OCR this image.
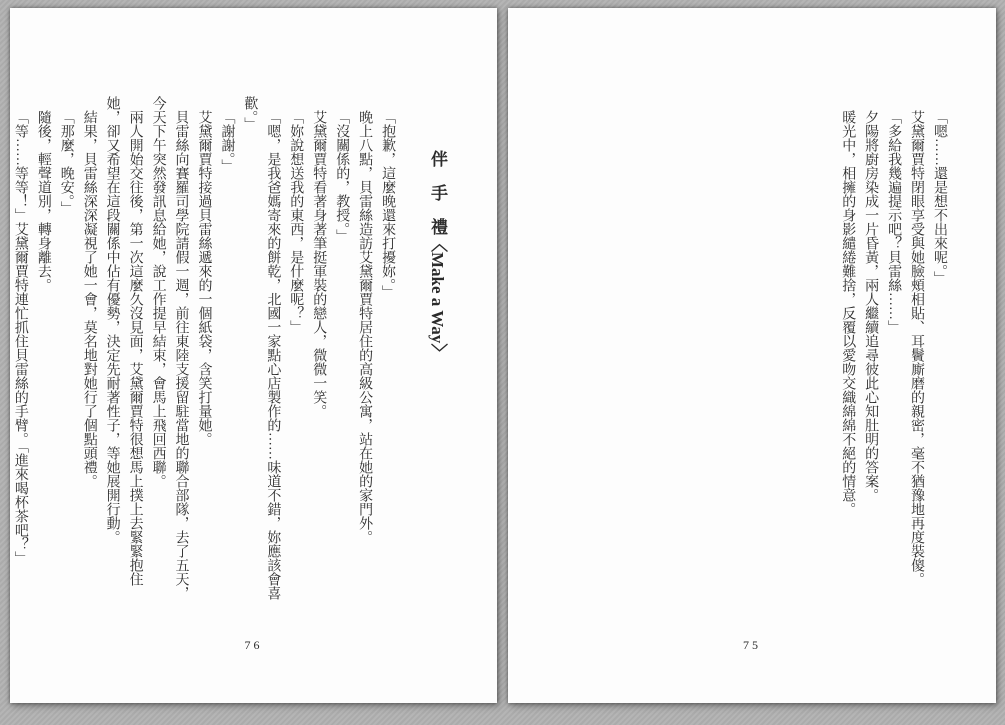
伴　手　禮〈Make a Way〉

「抱歉，這麼晚還來打擾妳。」

晚上八點，貝雷絲造訪艾黛爾賈特居住的高級公寓，站在她的家門外。

「沒關係的，教授。」

艾黛爾賈特看著身著筆挺軍裝的戀人，微微一笑。

「妳說想送我的東西，是什麼呢？」

「嗯，是我爸媽寄來的餅乾，北國一家點心店製作的……味道不錯，妳應該會喜歡。」

「謝謝。」

艾黛爾賈特接過貝雷絲遞來的一個紙袋，含笑打量她。

貝雷絲向賽羅司學院請假一週，前往東陸支援留駐當地的聯合部隊，去了五天，今天下午突然發訊息給她，說工作提早結束，會馬上飛回西聯。

兩人開始交往後，第一次這麼久沒見面，艾黛爾賈特很想馬上撲上去緊緊抱住她，卻又希望在這段關係中佔有優勢，決定先耐著性子，等她展開行動。

結果，貝雷絲深深凝視了她一會，莫名地對她行了個點頭禮。

「那麼，晚安。」

隨後，輕聲道別，轉身離去。

「等……等等！」艾黛爾賈特連忙抓住貝雷絲的手臂。「進來喝杯茶吧？」

76

「嗯……還是想不出來呢。」

艾黛爾賈特閉眼享受與她臉頰相貼、耳鬢廝磨的親密，毫不猶豫地再度裝傻。

「多給我幾遍提示吧？貝雷絲……」

夕陽將廚房染成一片昏黃，兩人繼續追尋彼此心知肚明的答案。

暖光中，相擁的身影繾綣難捨，反覆以愛吻交織綿綿不絕的情意。

75
